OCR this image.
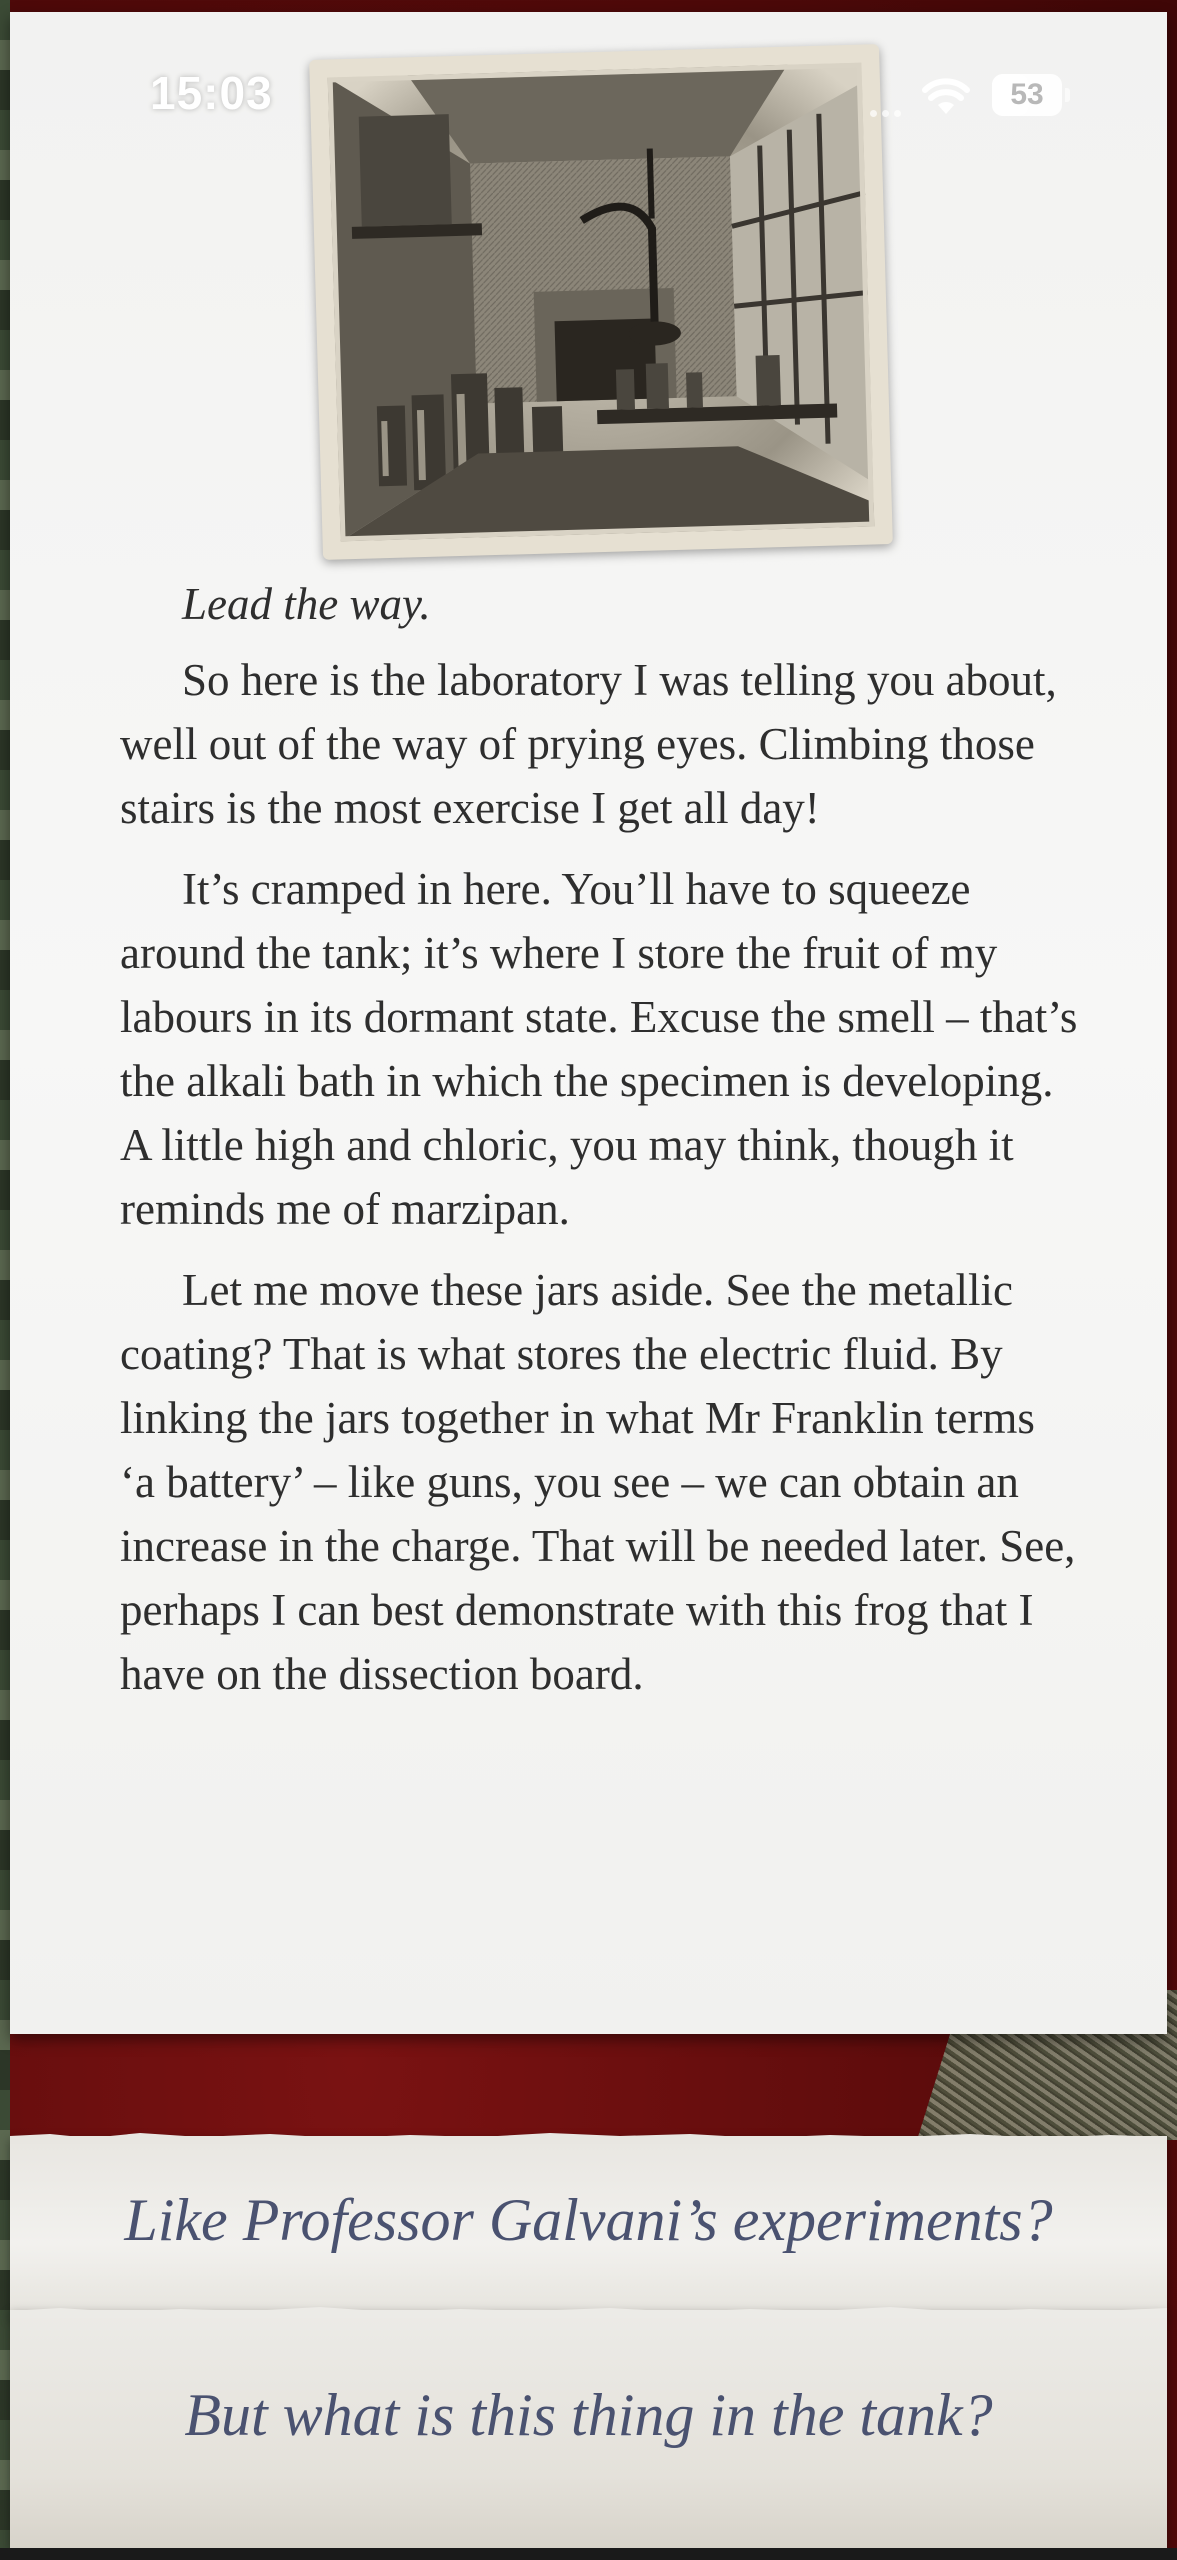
Lead the way.

So here is the laboratory I was telling you about, well out of the way of prying eyes. Climbing those stairs is the most exercise I get all day!

It’s cramped in here. You’ll have to squeeze around the tank; it’s where I store the fruit of my labours in its dormant state. Excuse the smell – that’s the alkali bath in which the specimen is developing. A little high and chloric, you may think, though it reminds me of marzipan.

Let me move these jars aside. See the metallic coating? That is what stores the electric fluid. By linking the jars together in what Mr Franklin terms ‘a battery’ – like guns, you see – we can obtain an increase in the charge. That will be needed later. See, perhaps I can best demonstrate with this frog that I have on the dissection board.

15:03	53
Like Professor Galvani’s experiments?
But what is this thing in the tank?
